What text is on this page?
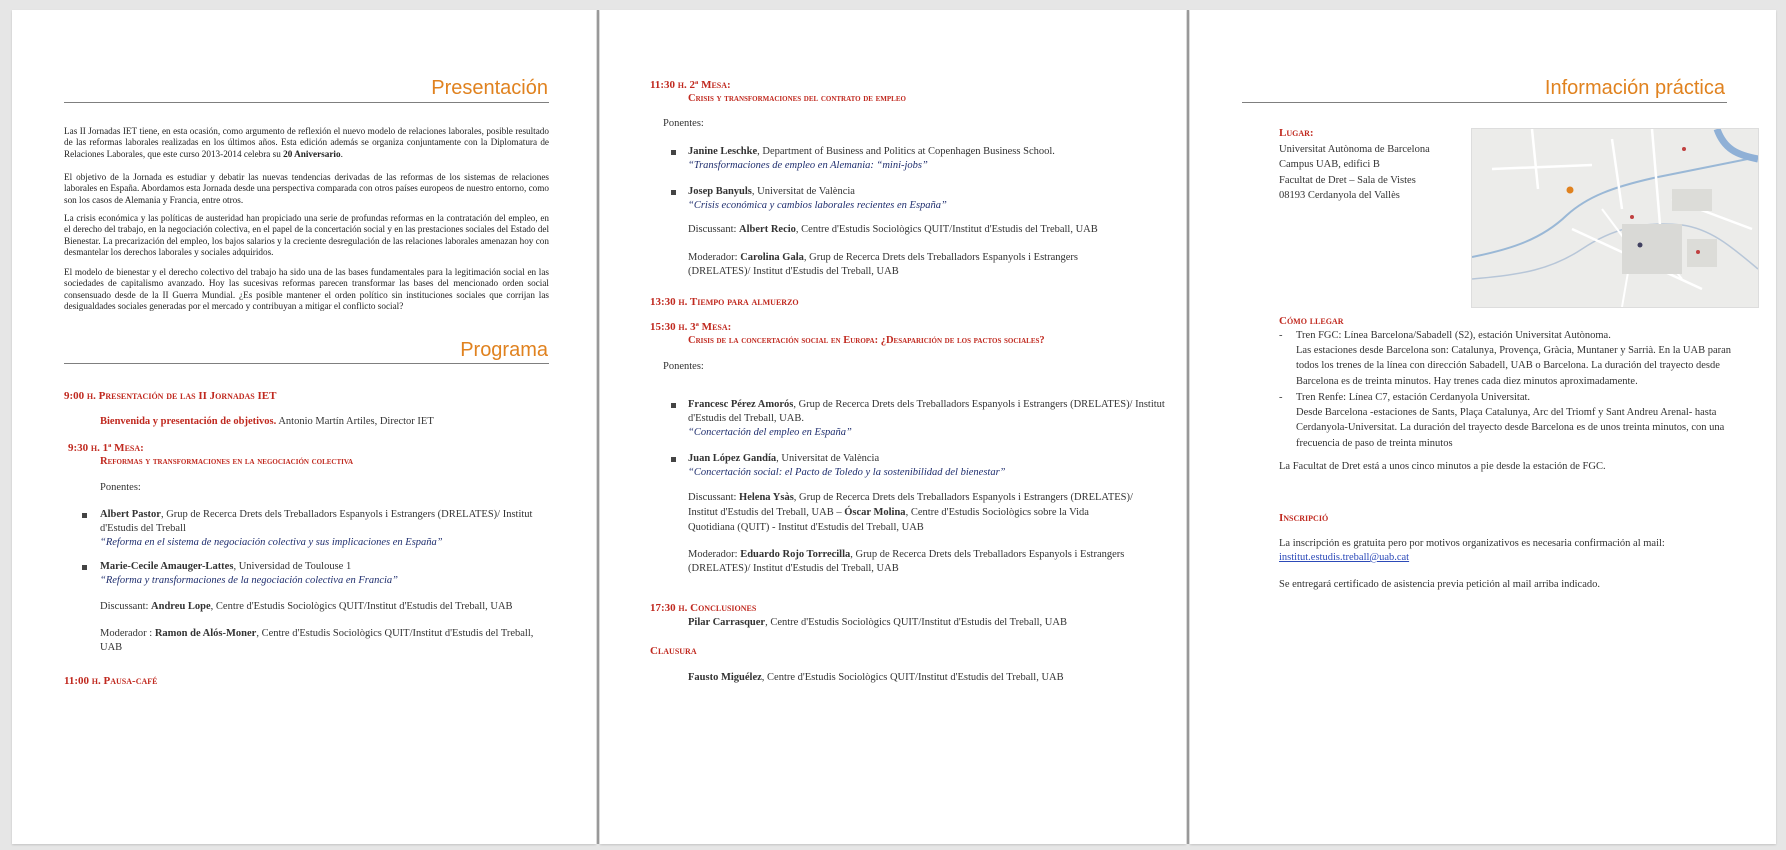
Presentación
Las II Jornadas IET tiene, en esta ocasión, como argumento de reflexión el nuevo modelo de relaciones laborales, posible resultado de las reformas laborales realizadas en los últimos años. Esta edición además se organiza conjuntamente con la Diplomatura de Relaciones Laborales, que este curso 2013-2014 celebra su 20 Aniversario.
El objetivo de la Jornada es estudiar y debatir las nuevas tendencias derivadas de las reformas de los sistemas de relaciones laborales en España. Abordamos esta Jornada desde una perspectiva comparada con otros países europeos de nuestro entorno, como son los casos de Alemania y Francia, entre otros.
La crisis económica y las políticas de austeridad han propiciado una serie de profundas reformas en la contratación del empleo, en el derecho del trabajo, en la negociación colectiva, en el papel de la concertación social y en las prestaciones sociales del Estado del Bienestar. La precarización del empleo, los bajos salarios y la creciente desregulación de las relaciones laborales amenazan hoy con desmantelar los derechos laborales y sociales adquiridos.
El modelo de bienestar y el derecho colectivo del trabajo ha sido una de las bases fundamentales para la legitimación social en las sociedades de capitalismo avanzado. Hoy las sucesivas reformas parecen transformar las bases del mencionado orden social consensuado desde de la II Guerra Mundial. ¿Es posible mantener el orden político sin instituciones sociales que corrijan las desigualdades sociales generadas por el mercado y contribuyan a mitigar el conflicto social?
Programa
9:00 h. Presentación de las II Jornadas IET
Bienvenida y presentación de objetivos. Antonio Martín Artiles, Director IET
9:30 h. 1ª Mesa:
Reformas y transformaciones en la negociación colectiva
Ponentes:
Albert Pastor, Grup de Recerca Drets dels Treballadors Espanyols i Estrangers (DRELATES)/ Institut d'Estudis del Treball
“Reforma en el sistema de negociación colectiva y sus implicaciones en España”
Marie-Cecile Amauger-Lattes, Universidad de Toulouse 1
“Reforma y transformaciones de la negociación colectiva en Francia”
Discussant: Andreu Lope, Centre d'Estudis Sociològics QUIT/Institut d'Estudis del Treball, UAB
Moderador : Ramon de Alós-Moner, Centre d'Estudis Sociològics QUIT/Institut d'Estudis del Treball, UAB
11:00 h. Pausa-café
11:30 h. 2ª Mesa:
Crisis y transformaciones del contrato de empleo
Ponentes:
Janine Leschke, Department of Business and Politics at Copenhagen Business School.
“Transformaciones de empleo en Alemania: “mini-jobs”
Josep Banyuls, Universitat de València
“Crisis económica y cambios laborales recientes en España”
Discussant: Albert Recio, Centre d'Estudis Sociològics QUIT/Institut d'Estudis del Treball, UAB
Moderador: Carolina Gala, Grup de Recerca Drets dels Treballadors Espanyols i Estrangers (DRELATES)/ Institut d'Estudis del Treball, UAB
13:30 h. Tiempo para almuerzo
15:30 h. 3ª Mesa:
Crisis de la concertación social en Europa: ¿Desaparición de los pactos sociales?
Ponentes:
Francesc Pérez Amorós, Grup de Recerca Drets dels Treballadors Espanyols i Estrangers (DRELATES)/ Institut d'Estudis del Treball, UAB.
“Concertación del empleo en España”
Juan López Gandía, Universitat de València
“Concertación social: el Pacto de Toledo y la sostenibilidad del bienestar”
Discussant: Helena Ysàs, Grup de Recerca Drets dels Treballadors Espanyols i Estrangers (DRELATES)/ Institut d'Estudis del Treball, UAB – Óscar Molina, Centre d'Estudis Sociològics sobre la Vida Quotidiana (QUIT) - Institut d'Estudis del Treball, UAB
Moderador: Eduardo Rojo Torrecilla, Grup de Recerca Drets dels Treballadors Espanyols i Estrangers (DRELATES)/ Institut d'Estudis del Treball, UAB
17:30 h. Conclusiones
Pilar Carrasquer, Centre d'Estudis Sociològics QUIT/Institut d'Estudis del Treball, UAB
Clausura
Fausto Miguélez, Centre d'Estudis Sociològics QUIT/Institut d'Estudis del Treball, UAB
Información práctica
Lugar:
Universitat Autònoma de Barcelona
Campus UAB, edifici B
Facultat de Dret – Sala de Vistes
08193 Cerdanyola del Vallès
Cómo llegar
- Tren FGC: Línea Barcelona/Sabadell (S2), estación Universitat Autònoma.
Las estaciones desde Barcelona son: Catalunya, Provença, Gràcia, Muntaner y Sarrià. En la UAB paran todos los trenes de la línea con dirección Sabadell, UAB o Barcelona. La duración del trayecto desde Barcelona es de treinta minutos. Hay trenes cada diez minutos aproximadamente.
- Tren Renfe: Línea C7, estación Cerdanyola Universitat.
Desde Barcelona -estaciones de Sants, Plaça Catalunya, Arc del Triomf y Sant Andreu Arenal- hasta Cerdanyola-Universitat. La duración del trayecto desde Barcelona es de unos treinta minutos, con una frecuencia de paso de treinta minutos
La Facultat de Dret está a unos cinco minutos a pie desde la estación de FGC.
Inscripció
La inscripción es gratuita pero por motivos organizativos es necesaria confirmación al mail:
institut.estudis.treball@uab.cat
Se entregará certificado de asistencia previa petición al mail arriba indicado.
